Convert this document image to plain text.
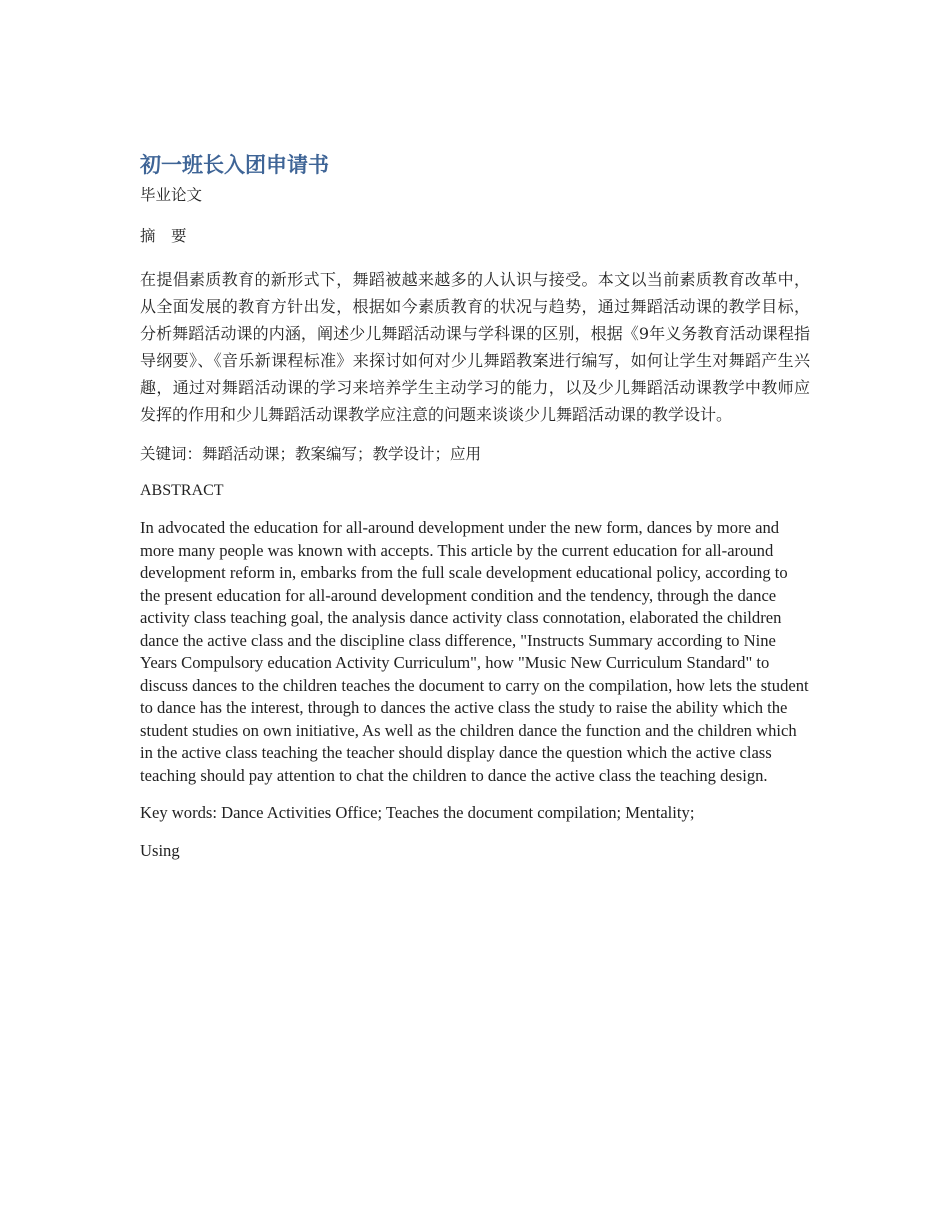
初一班长入团申请书

毕业论文

摘　要

在提倡素质教育的新形式下，舞蹈被越来越多的人认识与接受。本文以当前素质教育改革中，从全面发展的教育方针出发，根据如今素质教育的状况与趋势，通过舞蹈活动课的教学目标，分析舞蹈活动课的内涵，阐述少儿舞蹈活动课与学科课的区别，根据《9年义务教育活动课程指导纲要》、《音乐新课程标准》来探讨如何对少儿舞蹈教案进行编写，如何让学生对舞蹈产生兴趣，通过对舞蹈活动课的学习来培养学生主动学习的能力，以及少儿舞蹈活动课教学中教师应发挥的作用和少儿舞蹈活动课教学应注意的问题来谈谈少儿舞蹈活动课的教学设计。

关键词：舞蹈活动课；教案编写；教学设计；应用

ABSTRACT

In advocated the education for all-around development under the new form, dances by more and more many people was known with accepts. This article by the current education for all-around development reform in, embarks from the full scale development educational policy, according to the present education for all-around development condition and the tendency, through the dance activity class teaching goal, the analysis dance activity class connotation, elaborated the children dance the active class and the discipline class difference, "Instructs Summary according to Nine Years Compulsory education Activity Curriculum", how "Music New Curriculum Standard" to discuss dances to the children teaches the document to carry on the compilation, how lets the student to dance has the interest, through to dances the active class the study to raise the ability which the student studies on own initiative, As well as the children dance the function and the children which in the active class teaching the teacher should display dance the question which the active class teaching should pay attention to chat the children to dance the active class the teaching design.

Key words: Dance Activities Office; Teaches the document compilation; Mentality;

Using
